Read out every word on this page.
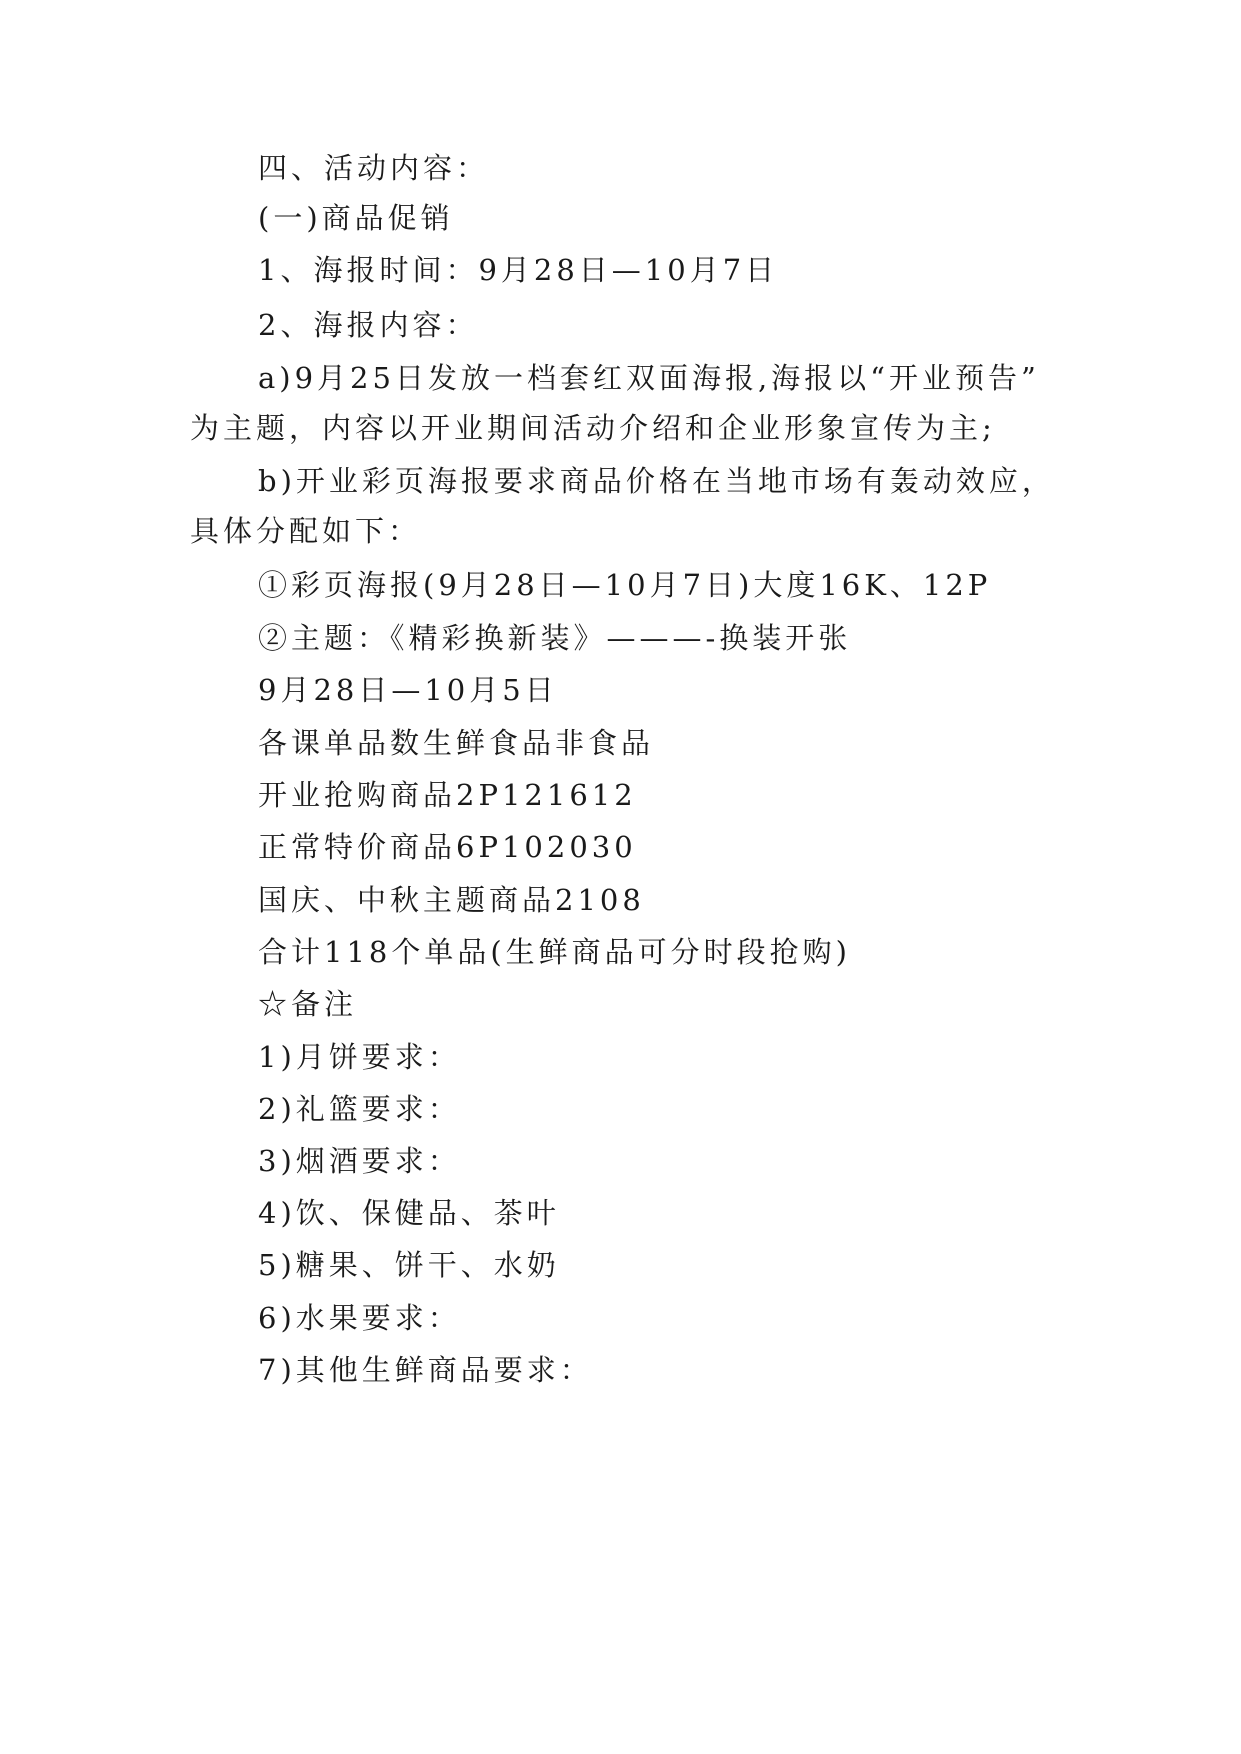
四、活动内容：
(一)商品促销
1、海报时间：9月28日—10月7日
2、海报内容：
a)9月25日发放一档套红双面海报,海报以“开业预告”
为主题，内容以开业期间活动介绍和企业形象宣传为主;
b)开业彩页海报要求商品价格在当地市场有轰动效应，
具体分配如下：
①彩页海报(9月28日—10月7日)大度16K、12P
②主题：《精彩换新装》———-换装开张
9月28日—10月5日
各课单品数生鲜食品非食品
开业抢购商品2P121612
正常特价商品6P102030
国庆、中秋主题商品2108
合计118个单品(生鲜商品可分时段抢购)
☆备注
1)月饼要求：
2)礼篮要求：
3)烟酒要求：
4)饮、保健品、茶叶
5)糖果、饼干、水奶
6)水果要求：
7)其他生鲜商品要求：
